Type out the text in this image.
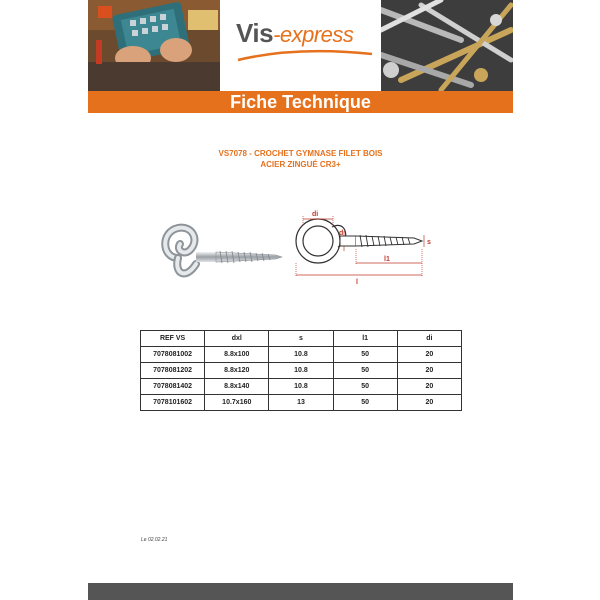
Vis-express
Fiche Technique
VS7078 - CROCHET GYMNASE FILET BOIS
ACIER ZINGUÉ CR3+
di
d
s
l1
l
REF VS	dxl	s	l1	di
7078081002	8.8x100	10.8	50	20
7078081202	8.8x120	10.8	50	20
7078081402	8.8x140	10.8	50	20
7078101602	10.7x160	13	50	20
Le 02.02.21
